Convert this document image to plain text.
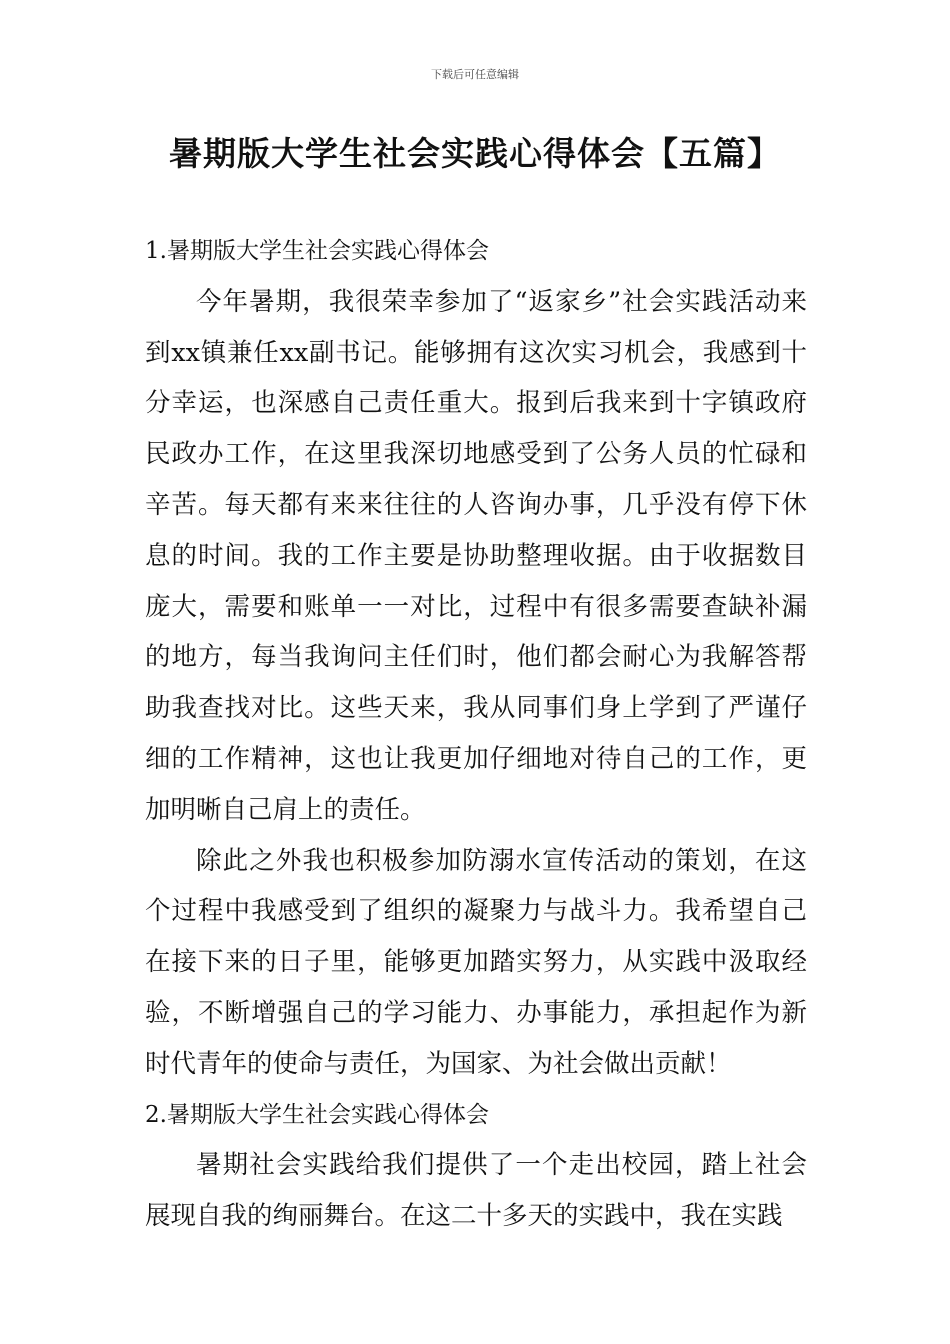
下载后可任意编辑
暑期版大学生社会实践心得体会【五篇】
1.暑期版大学生社会实践心得体会

今年暑期，我很荣幸参加了“返家乡”社会实践活动来到xx镇兼任xx副书记。能够拥有这次实习机会，我感到十分幸运，也深感自己责任重大。报到后我来到十字镇政府民政办工作，在这里我深切地感受到了公务人员的忙碌和辛苦。每天都有来来往往的人咨询办事，几乎没有停下休息的时间。我的工作主要是协助整理收据。由于收据数目庞大，需要和账单一一对比，过程中有很多需要查缺补漏的地方，每当我询问主任们时，他们都会耐心为我解答帮助我查找对比。这些天来，我从同事们身上学到了严谨仔细的工作精神，这也让我更加仔细地对待自己的工作，更加明晰自己肩上的责任。

除此之外我也积极参加防溺水宣传活动的策划，在这个过程中我感受到了组织的凝聚力与战斗力。我希望自己在接下来的日子里，能够更加踏实努力，从实践中汲取经验，不断增强自己的学习能力、办事能力，承担起作为新时代青年的使命与责任，为国家、为社会做出贡献！

2.暑期版大学生社会实践心得体会

暑期社会实践给我们提供了一个走出校园，踏上社会展现自我的绚丽舞台。在这二十多天的实践中，我在实践
